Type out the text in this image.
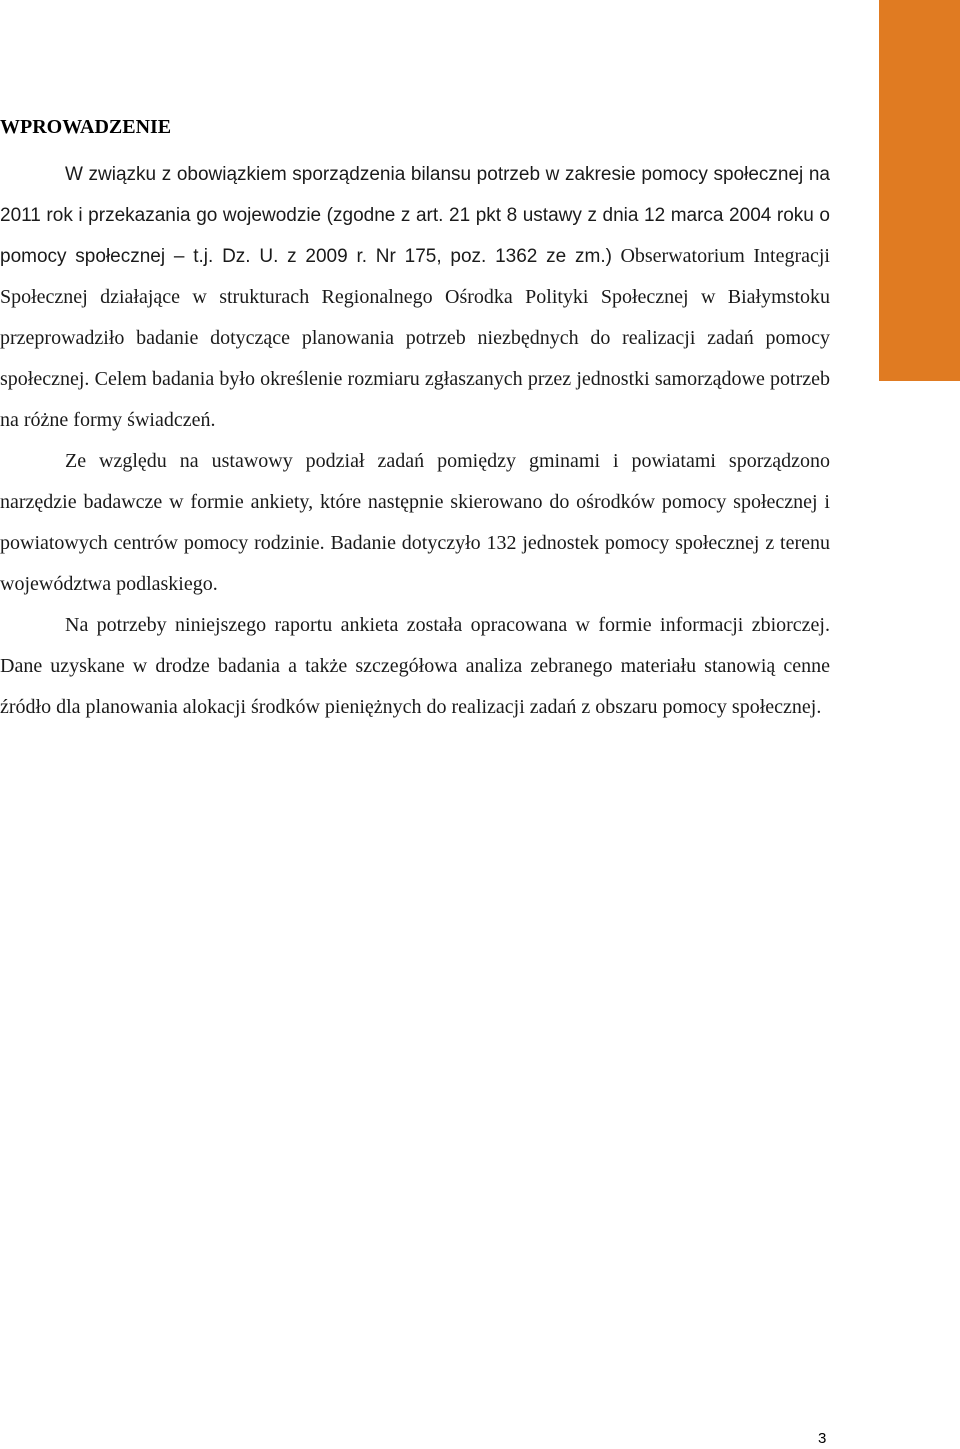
WPROWADZENIE

W związku z obowiązkiem sporządzenia bilansu potrzeb w zakresie pomocy społecznej na 2011 rok i przekazania go wojewodzie (zgodne z art. 21 pkt 8 ustawy z dnia 12 marca 2004 roku o pomocy społecznej – t.j. Dz. U. z 2009 r. Nr 175, poz. 1362 ze zm.) Obserwatorium Integracji Społecznej działające w strukturach Regionalnego Ośrodka Polityki Społecznej w Białymstoku przeprowadziło badanie dotyczące planowania potrzeb niezbędnych do realizacji zadań pomocy społecznej. Celem badania było określenie rozmiaru zgłaszanych przez jednostki samorządowe potrzeb na różne formy świadczeń.

Ze względu na ustawowy podział zadań pomiędzy gminami i powiatami sporządzono narzędzie badawcze w formie ankiety, które następnie skierowano do ośrodków pomocy społecznej i powiatowych centrów pomocy rodzinie. Badanie dotyczyło 132 jednostek pomocy społecznej z terenu województwa podlaskiego.

Na potrzeby niniejszego raportu ankieta została opracowana w formie informacji zbiorczej. Dane uzyskane w drodze badania a także szczegółowa analiza zebranego materiału stanowią cenne źródło dla planowania alokacji środków pieniężnych do realizacji zadań z obszaru pomocy społecznej.

3
